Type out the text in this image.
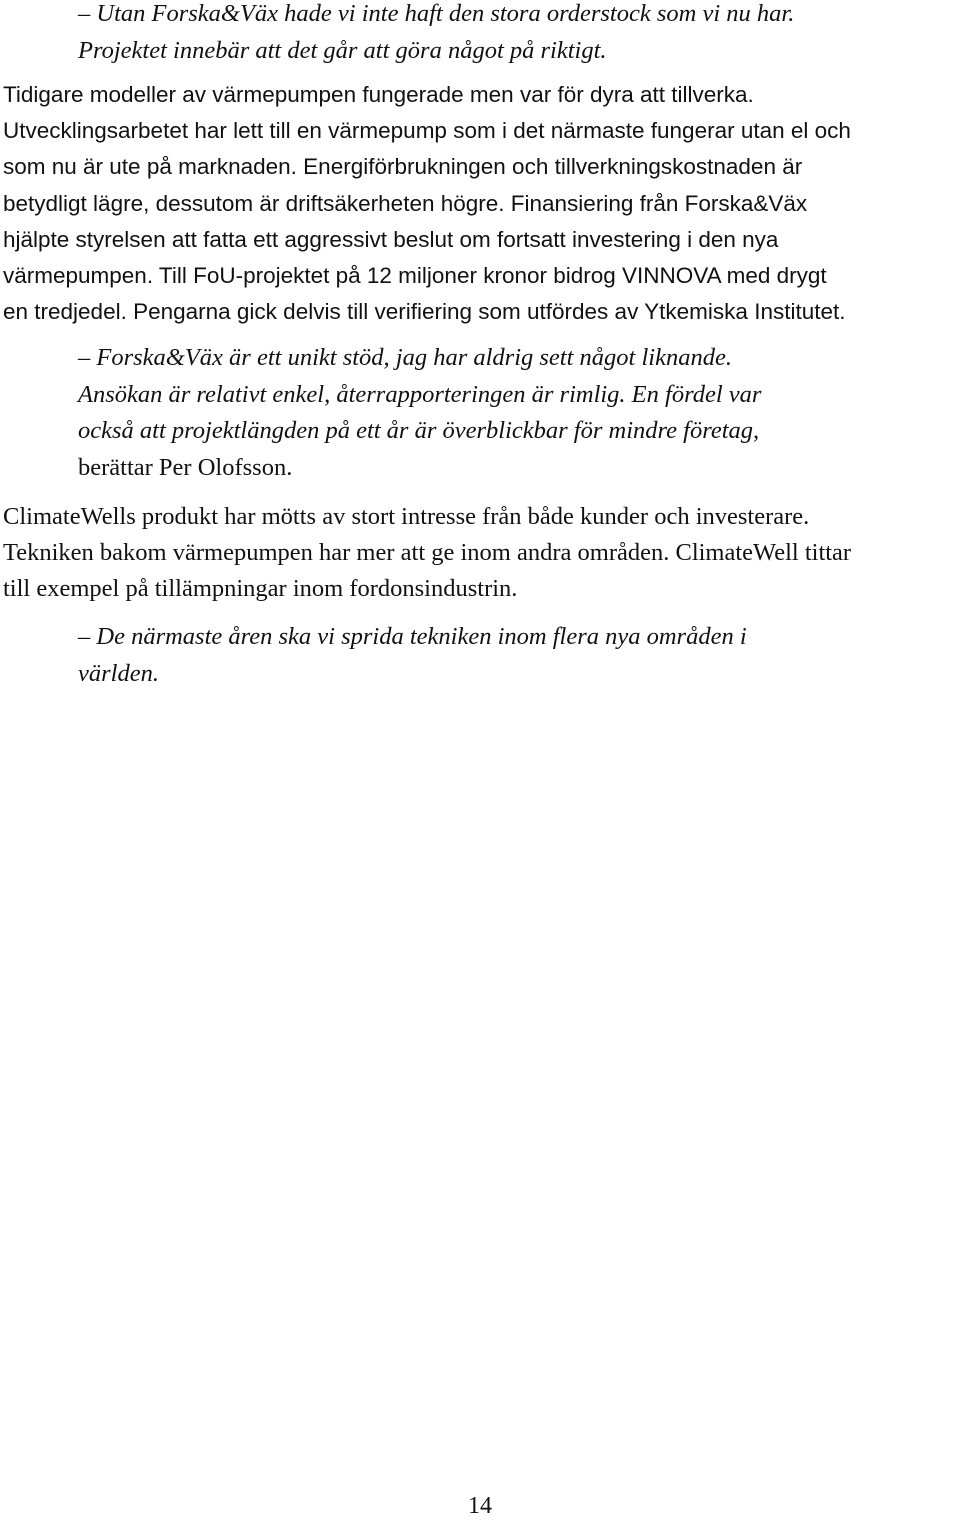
– Utan Forska&Väx hade vi inte haft den stora orderstock som vi nu har.
Projektet innebär att det går att göra något på riktigt.
Tidigare modeller av värmepumpen fungerade men var för dyra att tillverka.
Utvecklingsarbetet har lett till en värmepump som i det närmaste fungerar utan el och
som nu är ute på marknaden. Energiförbrukningen och tillverkningskostnaden är
betydligt lägre, dessutom är driftsäkerheten högre. Finansiering från Forska&Väx
hjälpte styrelsen att fatta ett aggressivt beslut om fortsatt investering i den nya
värmepumpen. Till FoU-projektet på 12 miljoner kronor bidrog VINNOVA med drygt
en tredjedel. Pengarna gick delvis till verifiering som utfördes av Ytkemiska Institutet.
– Forska&Väx är ett unikt stöd, jag har aldrig sett något liknande.
Ansökan är relativt enkel, återrapporteringen är rimlig. En fördel var
också att projektlängden på ett år är överblickbar för mindre företag,
berättar Per Olofsson.
ClimateWells produkt har mötts av stort intresse från både kunder och investerare.
Tekniken bakom värmepumpen har mer att ge inom andra områden. ClimateWell tittar
till exempel på tillämpningar inom fordonsindustrin.
– De närmaste åren ska vi sprida tekniken inom flera nya områden i
världen.
14
